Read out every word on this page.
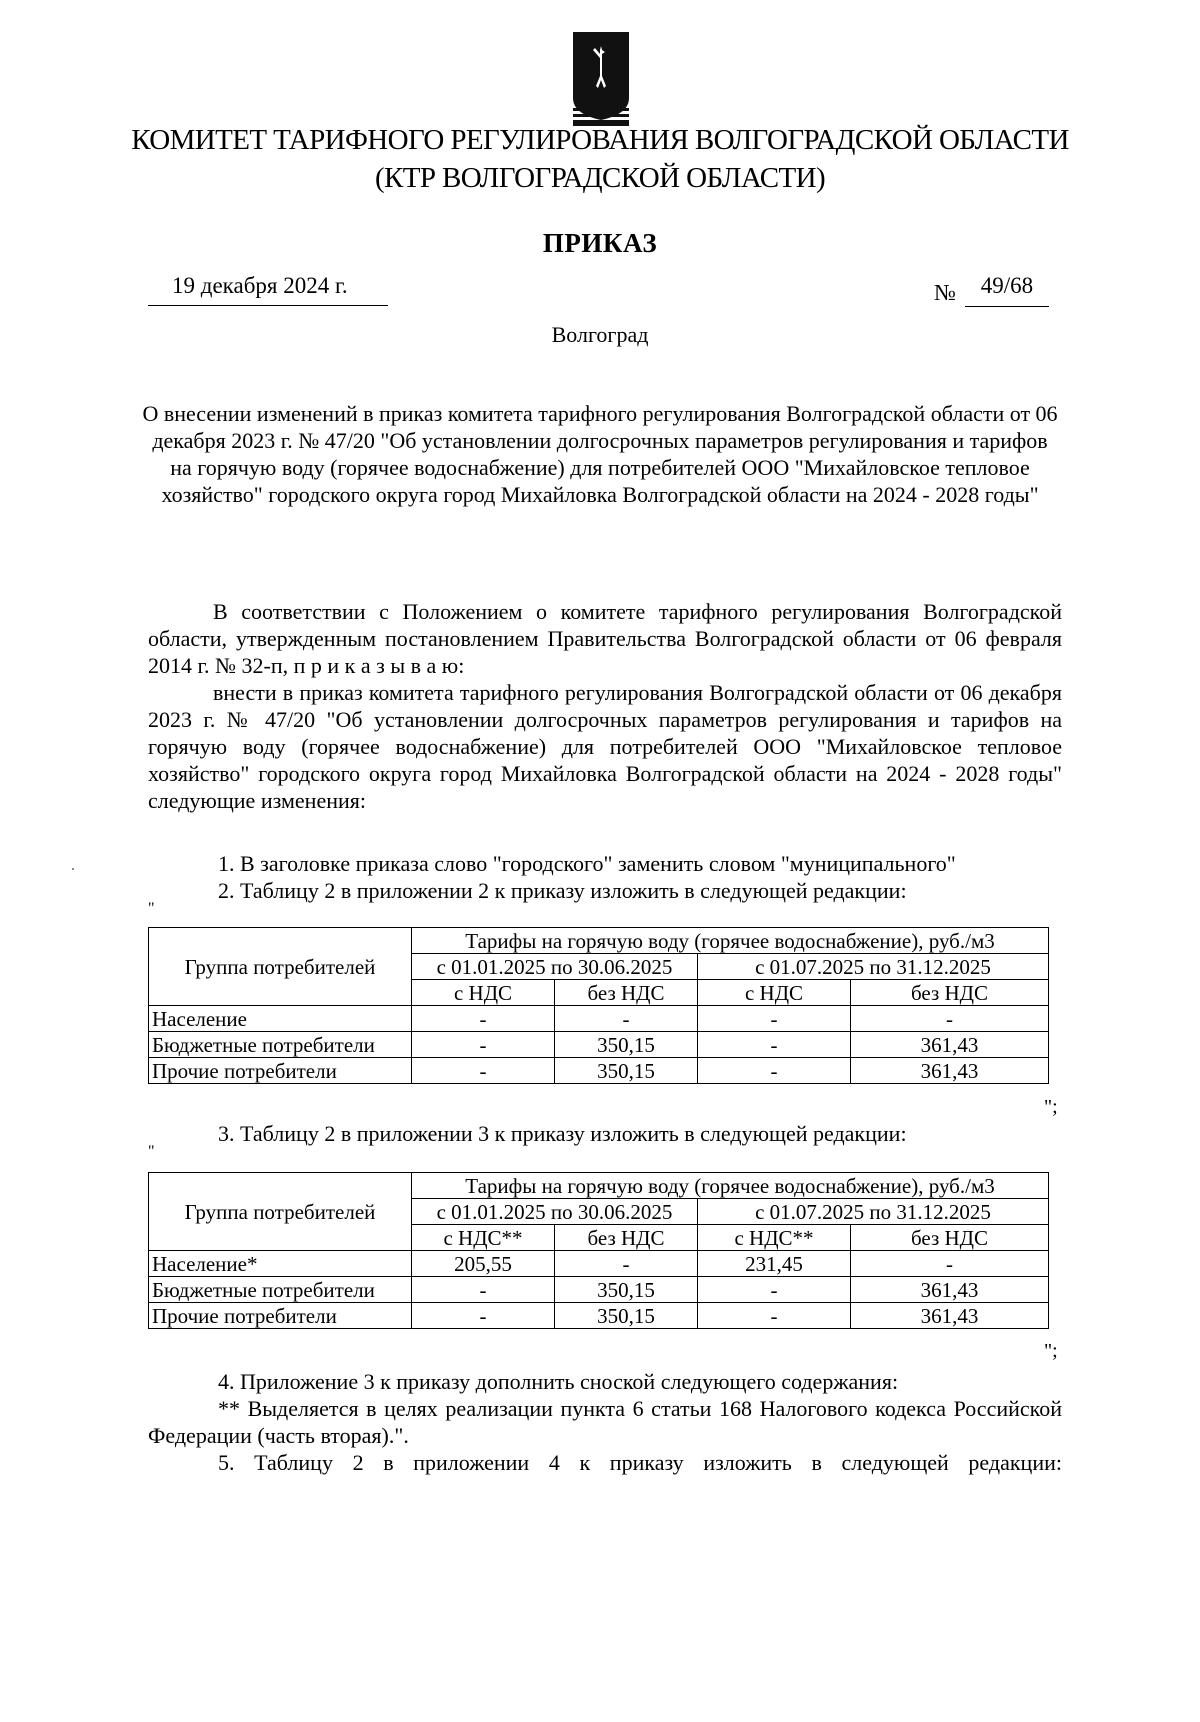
КОМИТЕТ ТАРИФНОГО РЕГУЛИРОВАНИЯ ВОЛГОГРАДСКОЙ ОБЛАСТИ
(КТР ВОЛГОГРАДСКОЙ ОБЛАСТИ)
ПРИКАЗ
19 декабря 2024 г.	№	49/68
Волгоград
О внесении изменений в приказ комитета тарифного регулирования Волгоградской области от 06 декабря 2023 г. № 47/20 "Об установлении долгосрочных параметров регулирования и тарифов на горячую воду (горячее водоснабжение) для потребителей ООО "Михайловское тепловое хозяйство" городского округа город Михайловка Волгоградской области на 2024 - 2028 годы"
В соответствии с Положением о комитете тарифного регулирования Волгоградской области, утвержденным постановлением Правительства Волгоградской области от 06 февраля 2014 г. № 32-п, п р и к а з ы в а ю:
внести в приказ комитета тарифного регулирования Волгоградской области от 06 декабря 2023 г. № 47/20 "Об установлении долгосрочных параметров регулирования и тарифов на горячую воду (горячее водоснабжение) для потребителей ООО "Михайловское тепловое хозяйство" городского округа город Михайловка Волгоградской области на 2024 - 2028 годы" следующие изменения:
1. В заголовке приказа слово "городского" заменить словом "муниципального"
2. Таблицу 2 в приложении 2 к приказу изложить в следующей редакции:
"
Группа потребителей	Тарифы на горячую воду (горячее водоснабжение), руб./м3			
	с 01.01.2025 по 30.06.2025		с 01.07.2025 по 31.12.2025	
	с НДС	без НДС	с НДС	без НДС
Население	-	-	-	-
Бюджетные потребители	-	350,15	-	361,43
Прочие потребители	-	350,15	-	361,43
";
3. Таблицу 2 в приложении 3 к приказу изложить в следующей редакции:
"
Группа потребителей	Тарифы на горячую воду (горячее водоснабжение), руб./м3			
	с 01.01.2025 по 30.06.2025		с 01.07.2025 по 31.12.2025	
	с НДС**	без НДС	с НДС**	без НДС
Население*	205,55	-	231,45	-
Бюджетные потребители	-	350,15	-	361,43
Прочие потребители	-	350,15	-	361,43
";
4. Приложение 3 к приказу дополнить сноской следующего содержания:
** Выделяется в целях реализации пункта 6 статьи 168 Налогового кодекса Российской Федерации (часть вторая).".
5. Таблицу 2 в приложении 4 к приказу изложить в следующей редакции:
